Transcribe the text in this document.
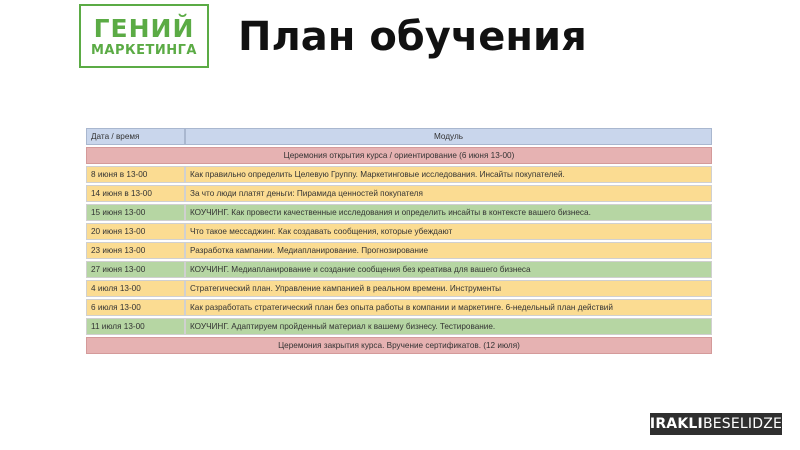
ГЕНИЙ
МАРКЕТИНГА План обучения
Дата / время	Модуль
Церемония открытия курса / ориентирование (6 июня 13-00)	
8 июня в 13-00	Как правильно определить Целевую Группу. Маркетинговые исследования. Инсайты покупателей.
14 июня в 13-00	За что люди платят деньги: Пирамида ценностей покупателя
15 июня 13-00	КОУЧИНГ. Как провести качественные исследования и определить инсайты в контексте вашего бизнеса.
20 июня 13-00	Что такое мессаджинг. Как создавать сообщения, которые убеждают
23 июня 13-00	Разработка кампании. Медиапланирование. Прогнозирование
27 июня 13-00	КОУЧИНГ. Медиапланирование и создание сообщения без креатива для вашего бизнеса
4 июля 13-00	Стратегический план. Управление кампанией в реальном времени. Инструменты
6 июля 13-00	Как разработать стратегический план без опыта работы в компании и маркетинге. 6-недельный план действий
11 июля 13-00	КОУЧИНГ. Адаптируем пройденный материал к вашему бизнесу. Тестирование.
Церемония закрытия курса. Вручение сертификатов. (12 июля)	
IRAKLI BESELIDZE
